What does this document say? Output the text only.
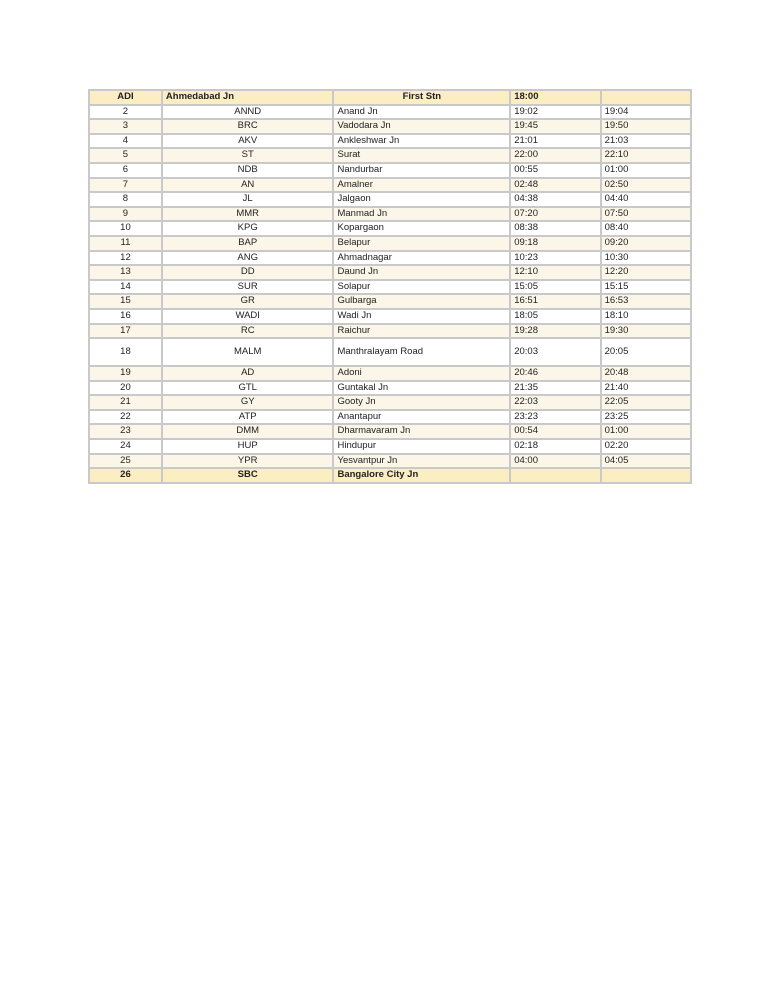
ADI	Ahmedabad Jn	First Stn	18:00	
2	ANND	Anand Jn	19:02	19:04
3	BRC	Vadodara Jn	19:45	19:50
4	AKV	Ankleshwar Jn	21:01	21:03
5	ST	Surat	22:00	22:10
6	NDB	Nandurbar	00:55	01:00
7	AN	Amalner	02:48	02:50
8	JL	Jalgaon	04:38	04:40
9	MMR	Manmad Jn	07:20	07:50
10	KPG	Kopargaon	08:38	08:40
11	BAP	Belapur	09:18	09:20
12	ANG	Ahmadnagar	10:23	10:30
13	DD	Daund Jn	12:10	12:20
14	SUR	Solapur	15:05	15:15
15	GR	Gulbarga	16:51	16:53
16	WADI	Wadi Jn	18:05	18:10
17	RC	Raichur	19:28	19:30
18	MALM	Manthralayam Road	20:03	20:05
19	AD	Adoni	20:46	20:48
20	GTL	Guntakal Jn	21:35	21:40
21	GY	Gooty Jn	22:03	22:05
22	ATP	Anantapur	23:23	23:25
23	DMM	Dharmavaram Jn	00:54	01:00
24	HUP	Hindupur	02:18	02:20
25	YPR	Yesvantpur Jn	04:00	04:05
26	SBC	Bangalore City Jn		
